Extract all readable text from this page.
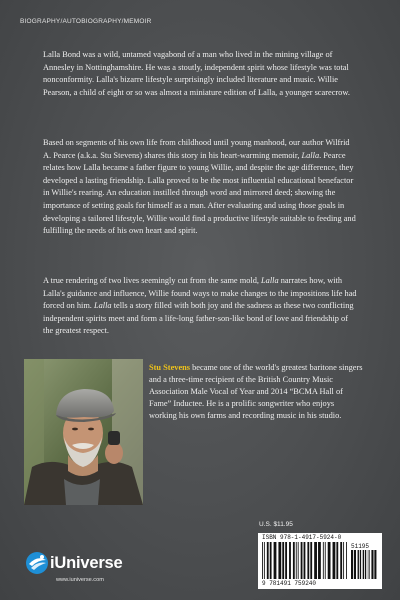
BIOGRAPHY/AUTOBIOGRAPHY/MEMOIR

Lalla Bond was a wild, untamed vagabond of a man who lived in the mining village of Annesley in Nottinghamshire. He was a stoutly, independent spirit whose lifestyle was total nonconformity. Lalla's bizarre lifestyle surprisingly included literature and music. Willie Pearson, a child of eight or so was almost a miniature edition of Lalla, a younger scarecrow.

Based on segments of his own life from childhood until young manhood, our author Wilfrid A. Pearce (a.k.a. Stu Stevens) shares this story in his heart-warming memoir, Lalla. Pearce relates how Lalla became a father figure to young Willie, and despite the age difference, they developed a lasting friendship. Lalla proved to be the most influential educational benefactor in Willie's rearing. An education instilled through word and mirrored deed; showing the importance of setting goals for himself as a man. After evaluating and using those goals in developing a tailored lifestyle, Willie would find a productive lifestyle suitable to feeding and fulfilling the needs of his own heart and spirit.

A true rendering of two lives seemingly cut from the same mold, Lalla narrates how, with Lalla's guidance and influence, Willie found ways to make changes to the impositions life had forced on him. Lalla tells a story filled with both joy and the sadness as these two conflicting independent spirits meet and form a life-long father-son-like bond of love and friendship of the greatest respect.

Stu Stevens became one of the world's greatest baritone singers and a three-time recipient of the British Country Music Association Male Vocal of Year and 2014 “BCMA Hall of Fame” Inductee. He is a prolific songwriter who enjoys working his own farms and recording music in his studio.

U.S. $11.95
ISBN 978-1-4917-5924-0
51195
9 781491 759240
iUniverse
www.iuniverse.com
